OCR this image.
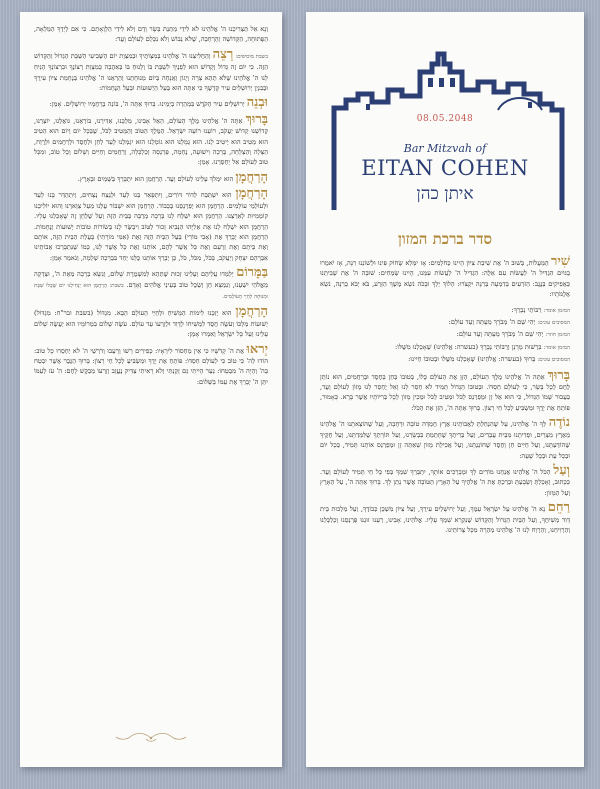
וְנָא אַל תַּצְרִיכֵנוּ ה' אֱלֹהֵינוּ לֹא לִידֵי מַתְּנַת בָּשָׂר וָדָם וְלֹא לִידֵי הַלְוָאָתָם. כִּי אִם לְיָדְךָ הַמְּלֵאָה, הַפְּתוּחָה, הַקְּדוֹשָׁה וְהָרְחָבָה, שֶׁלֹּא נֵבוֹשׁ וְלֹא נִכָּלֵם לְעוֹלָם וָעֶד:

בשבת מוסיפים: רְצֵה וְהַחֲלִיצֵנוּ ה' אֱלֹהֵינוּ בְּמִצְוֹתֶיךָ וּבְמִצְוַת יוֹם הַשְּׁבִיעִי הַשַּׁבָּת הַגָּדוֹל וְהַקָּדוֹשׁ הַזֶּה. כִּי יוֹם זֶה גָּדוֹל וְקָדוֹשׁ הוּא לְפָנֶיךָ לִשְׁבָּת בּוֹ וְלָנוּחַ בּוֹ בְּאַהֲבָה כְּמִצְוַת רְצוֹנֶךָ וּבִרְצוֹנְךָ הָנִיחַ לָנוּ ה' אֱלֹהֵינוּ שֶׁלֹּא תְהֵא צָרָה וְיָגוֹן וַאֲנָחָה בְּיוֹם מְנוּחָתֵנוּ וְהַרְאֵנוּ ה' אֱלֹהֵינוּ בְּנֶחָמַת צִיּוֹן עִירֶךָ וּבְבִנְיַן יְרוּשָׁלַיִם עִיר קָדְשֶׁךָ כִּי אַתָּה הוּא בַּעַל הַיְשׁוּעוֹת וּבַעַל הַנֶּחָמוֹת:

וּבְנֵה יְרוּשָׁלַיִם עִיר הַקֹּדֶשׁ בִּמְהֵרָה בְיָמֵינוּ. בָּרוּךְ אַתָּה ה', בּוֹנֵה בְרַחֲמָיו יְרוּשָׁלָיִם. אָמֵן:

בָּרוּךְ אַתָּה ה' אֱלֹהֵינוּ מֶלֶךְ הָעוֹלָם, הָאֵל אָבִינוּ, מַלְכֵּנוּ, אַדִּירֵנוּ, בּוֹרְאֵנוּ, גּוֹאֲלֵנוּ, יוֹצְרֵנוּ, קְדוֹשֵׁנוּ קְדוֹשׁ יַעֲקֹב, רוֹעֵנוּ רוֹעֵה יִשְׂרָאֵל. הַמֶּלֶךְ הַטּוֹב וְהַמֵּטִיב לַכֹּל, שֶׁבְּכָל יוֹם וָיוֹם הוּא הֵטִיב הוּא מֵטִיב הוּא יֵיטִיב לָנוּ. הוּא גְמָלָנוּ הוּא גוֹמְלֵנוּ הוּא יִגְמְלֵנוּ לָעַד לְחֵן וּלְחֶסֶד וּלְרַחֲמִים וּלְרֶוַח, הַצָּלָה וְהַצְלָחָה, בְּרָכָה וִישׁוּעָה, נֶחָמָה, פַּרְנָסָה וְכַלְכָּלָה, וְרַחֲמִים וְחַיִּים וְשָׁלוֹם וְכָל טוֹב, וּמִכָּל טוּב לְעוֹלָם אַל יְחַסְּרֵנוּ. אָמֵן:

הָרַחֲמָן הוּא יִמְלֹךְ עָלֵינוּ לְעוֹלָם וָעֶד. הָרַחֲמָן הוּא יִתְבָּרַךְ בַּשָּׁמַיִם וּבָאָרֶץ.

הָרַחֲמָן הוּא יִשְׁתַּבַּח לְדוֹר דּוֹרִים, וְיִתְפָּאַר בָּנוּ לָעַד וּלְנֵצַח נְצָחִים, וְיִתְהַדַּר בָּנוּ לָעַד וּלְעוֹלְמֵי עוֹלָמִים. הָרַחֲמָן הוּא יְפַרְנְסֵנוּ בְּכָבוֹד. הָרַחֲמָן הוּא יִשְׁבּוֹר עֻלֵּנוּ מֵעַל צַוָּארֵנוּ וְהוּא יוֹלִיכֵנוּ קוֹמְמִיּוּת לְאַרְצֵנוּ. הָרַחֲמָן הוּא יִשְׁלַח לָנוּ בְּרָכָה מְרֻבָּה בַּבַּיִת הַזֶּה וְעַל שֻׁלְחָן זֶה שֶׁאָכַלְנוּ עָלָיו. הָרַחֲמָן הוּא יִשְׁלַח לָנוּ אֶת אֵלִיָּהוּ הַנָּבִיא זָכוּר לַטּוֹב וִיבַשֶּׂר לָנוּ בְּשׂוֹרוֹת טוֹבוֹת יְשׁוּעוֹת וְנֶחָמוֹת. הָרַחֲמָן הוּא יְבָרֵךְ אֶת (אָבִי מוֹרִי) בַּעַל הַבַּיִת הַזֶּה וְאֶת (אִמִּי מוֹרָתִי) בַּעֲלַת הַבַּיִת הַזֶּה, אוֹתָם וְאֶת בֵּיתָם וְאֶת זַרְעָם וְאֶת כָּל אֲשֶׁר לָהֶם, אוֹתָנוּ וְאֶת כָּל אֲשֶׁר לָנוּ, כְּמוֹ שֶׁנִּתְבָּרְכוּ אֲבוֹתֵינוּ אַבְרָהָם יִצְחָק וְיַעֲקֹב, בַּכֹּל, מִכֹּל, כֹּל, כֵּן יְבָרֵךְ אוֹתָנוּ כֻּלָּנוּ יַחַד בִּבְרָכָה שְׁלֵמָה, וְנֹאמַר אָמֵן:

בַּמָּרוֹם יְלַמְּדוּ עֲלֵיהֶם וְעָלֵינוּ זְכוּת שֶׁתְּהֵא לְמִשְׁמֶרֶת שָׁלוֹם, וְנִשָּׂא בְרָכָה מֵאֵת ה', וּצְדָקָה מֵאֱלֹהֵי יִשְׁעֵנוּ, וְנִמְצָא חֵן וְשֵׂכֶל טוֹב בְּעֵינֵי אֱלֹהִים וְאָדָם. בשבת: הָרַחֲמָן הוּא יַנְחִילֵנוּ יוֹם שֶׁכֻּלּוֹ שַׁבָּת וּמְנוּחָה לְחַיֵּי הָעוֹלָמִים.

הָרַחֲמָן הוּא יְזַכֵּנוּ לִימוֹת הַמָּשִׁיחַ וּלְחַיֵּי הָעוֹלָם הַבָּא. מִגְדּוֹל (בשבת ובר"ח: מִגְדּוֹל) יְשׁוּעוֹת מַלְכּוֹ וְעֹשֶׂה חֶסֶד לִמְשִׁיחוֹ לְדָוִד וּלְזַרְעוֹ עַד עוֹלָם. עֹשֶׂה שָׁלוֹם בִּמְרוֹמָיו הוּא יַעֲשֶׂה שָׁלוֹם עָלֵינוּ וְעַל כָּל יִשְׂרָאֵל וְאִמְרוּ אָמֵן:

יְראוּ אֶת ה' קְדֹשָׁיו כִּי אֵין מַחְסוֹר לִירֵאָיו: כְּפִירִים רָשׁוּ וְרָעֵבוּ וְדֹרְשֵׁי ה' לֹא יַחְסְרוּ כָל טוֹב: הוֹדוּ לַה' כִּי טוֹב כִּי לְעוֹלָם חַסְדּוֹ: פּוֹתֵחַ אֶת יָדֶךָ וּמַשְׂבִּיעַ לְכָל חַי רָצוֹן: בָּרוּךְ הַגֶּבֶר אֲשֶׁר יִבְטַח בַּה' וְהָיָה ה' מִבְטַחוֹ: נַעַר הָיִיתִי גַּם זָקַנְתִּי וְלֹא רָאִיתִי צַדִּיק נֶעֱזָב וְזַרְעוֹ מְבַקֶּשׁ לָחֶם: ה' עֹז לְעַמּוֹ יִתֵּן ה' יְבָרֵךְ אֶת עַמּוֹ בַשָּׁלוֹם:

08.05.2048
Bar Mitzvah of
EITAN COHEN
איתן כהן
סדר ברכת המזון

שִׁיר הַמַּעֲלוֹת, בְּשׁוּב ה' אֶת שִׁיבַת צִיּוֹן הָיִינוּ כְּחֹלְמִים: אָז יִמָּלֵא שְׂחוֹק פִּינוּ וּלְשׁוֹנֵנוּ רִנָּה, אָז יֹאמְרוּ בַגּוֹיִם הִגְדִּיל ה' לַעֲשׂוֹת עִם אֵלֶּה: הִגְדִּיל ה' לַעֲשׂוֹת עִמָּנוּ, הָיִינוּ שְׂמֵחִים: שׁוּבָה ה' אֶת שְׁבִיתֵנוּ כַּאֲפִיקִים בַּנֶּגֶב: הַזֹּרְעִים בְּדִמְעָה בְּרִנָּה יִקְצֹרוּ: הָלוֹךְ יֵלֵךְ וּבָכֹה נֹשֵׂא מֶשֶׁךְ הַזָּרַע, בֹּא יָבֹא בְרִנָּה, נֹשֵׂא אֲלֻמֹּתָיו:

המזמן אומר: רַבּוֹתַי נְבָרֵךְ:
המסובים עונים: יְהִי שֵׁם ה' מְבֹרָךְ מֵעַתָּה וְעַד עוֹלָם:
המזמן חוזר: יְהִי שֵׁם ה' מְבֹרָךְ מֵעַתָּה וְעַד עוֹלָם:
המזמן אומר: בִּרְשׁוּת מָרָנָן וְרַבּוֹתַי נְבָרֵךְ (בעשרה: אֱלֹהֵינוּ) שֶׁאָכַלְנוּ מִשֶּׁלּוֹ:
המסובים עונים: בָּרוּךְ (בעשרה: אֱלֹהֵינוּ) שֶׁאָכַלְנוּ מִשֶּׁלּוֹ וּבְטוּבוֹ חָיִינוּ:

בָּרוּךְ אַתָּה ה' אֱלֹהֵינוּ מֶלֶךְ הָעוֹלָם, הַזָּן אֶת הָעוֹלָם כֻּלּוֹ, בְּטוּבוֹ בְּחֵן בְּחֶסֶד וּבְרַחֲמִים, הוּא נוֹתֵן לֶחֶם לְכָל בָּשָׂר, כִּי לְעוֹלָם חַסְדּוֹ. וּבְטוּבוֹ הַגָּדוֹל תָּמִיד לֹא חָסַר לָנוּ וְאַל יֶחְסַר לָנוּ מָזוֹן לְעוֹלָם וָעֶד, בַּעֲבוּר שְׁמוֹ הַגָּדוֹל, כִּי הוּא אֵל זָן וּמְפַרְנֵס לַכֹּל וּמֵטִיב לַכֹּל וּמֵכִין מָזוֹן לְכָל בְּרִיּוֹתָיו אֲשֶׁר בָּרָא. כָּאָמוּר, פּוֹתֵחַ אֶת יָדֶךָ וּמַשְׂבִּיעַ לְכָל חַי רָצוֹן. בָּרוּךְ אַתָּה ה', הַזָּן אֶת הַכֹּל:

נוֹדֶה לְּךָ ה' אֱלֹהֵינוּ, עַל שֶׁהִנְחַלְתָּ לַאֲבוֹתֵינוּ אֶרֶץ חֶמְדָּה טוֹבָה וּרְחָבָה, וְעַל שֶׁהוֹצֵאתָנוּ ה' אֱלֹהֵינוּ מֵאֶרֶץ מִצְרַיִם, וּפְדִיתָנוּ מִבֵּית עֲבָדִים, וְעַל בְּרִיתְךָ שֶׁחָתַמְתָּ בִּבְשָׂרֵנוּ, וְעַל תּוֹרָתְךָ שֶׁלִּמַּדְתָּנוּ, וְעַל חֻקֶּיךָ שֶׁהוֹדַעְתָּנוּ, וְעַל חַיִּים חֵן וָחֶסֶד שֶׁחוֹנַנְתָּנוּ, וְעַל אֲכִילַת מָזוֹן שָׁאַתָּה זָן וּמְפַרְנֵס אוֹתָנוּ תָּמִיד, בְּכָל יוֹם וּבְכָל עֵת וּבְכָל שָׁעָה:

וְעַל הַכֹּל ה' אֱלֹהֵינוּ אֲנַחְנוּ מוֹדִים לָךְ וּמְבָרְכִים אוֹתָךְ, יִתְבָּרַךְ שִׁמְךָ בְּפִי כָּל חַי תָּמִיד לְעוֹלָם וָעֶד. כַּכָּתוּב, וְאָכַלְתָּ וְשָׂבָעְתָּ וּבֵרַכְתָּ אֶת ה' אֱלֹהֶיךָ עַל הָאָרֶץ הַטּוֹבָה אֲשֶׁר נָתַן לָךְ. בָּרוּךְ אַתָּה ה', עַל הָאָרֶץ וְעַל הַמָּזוֹן:

רַחֵם נָא ה' אֱלֹהֵינוּ עַל יִשְׂרָאֵל עַמֶּךָ, וְעַל יְרוּשָׁלַיִם עִירֶךָ, וְעַל צִיּוֹן מִשְׁכַּן כְּבוֹדֶךָ, וְעַל מַלְכוּת בֵּית דָּוִד מְשִׁיחֶךָ, וְעַל הַבַּיִת הַגָּדוֹל וְהַקָּדוֹשׁ שֶׁנִּקְרָא שִׁמְךָ עָלָיו. אֱלֹהֵינוּ, אָבִינוּ, רְעֵנוּ זוּנֵנוּ פַּרְנְסֵנוּ וְכַלְכְּלֵנוּ וְהַרְוִיחֵנוּ, וְהַרְוַח לָנוּ ה' אֱלֹהֵינוּ מְהֵרָה מִכָּל צָרוֹתֵינוּ.
